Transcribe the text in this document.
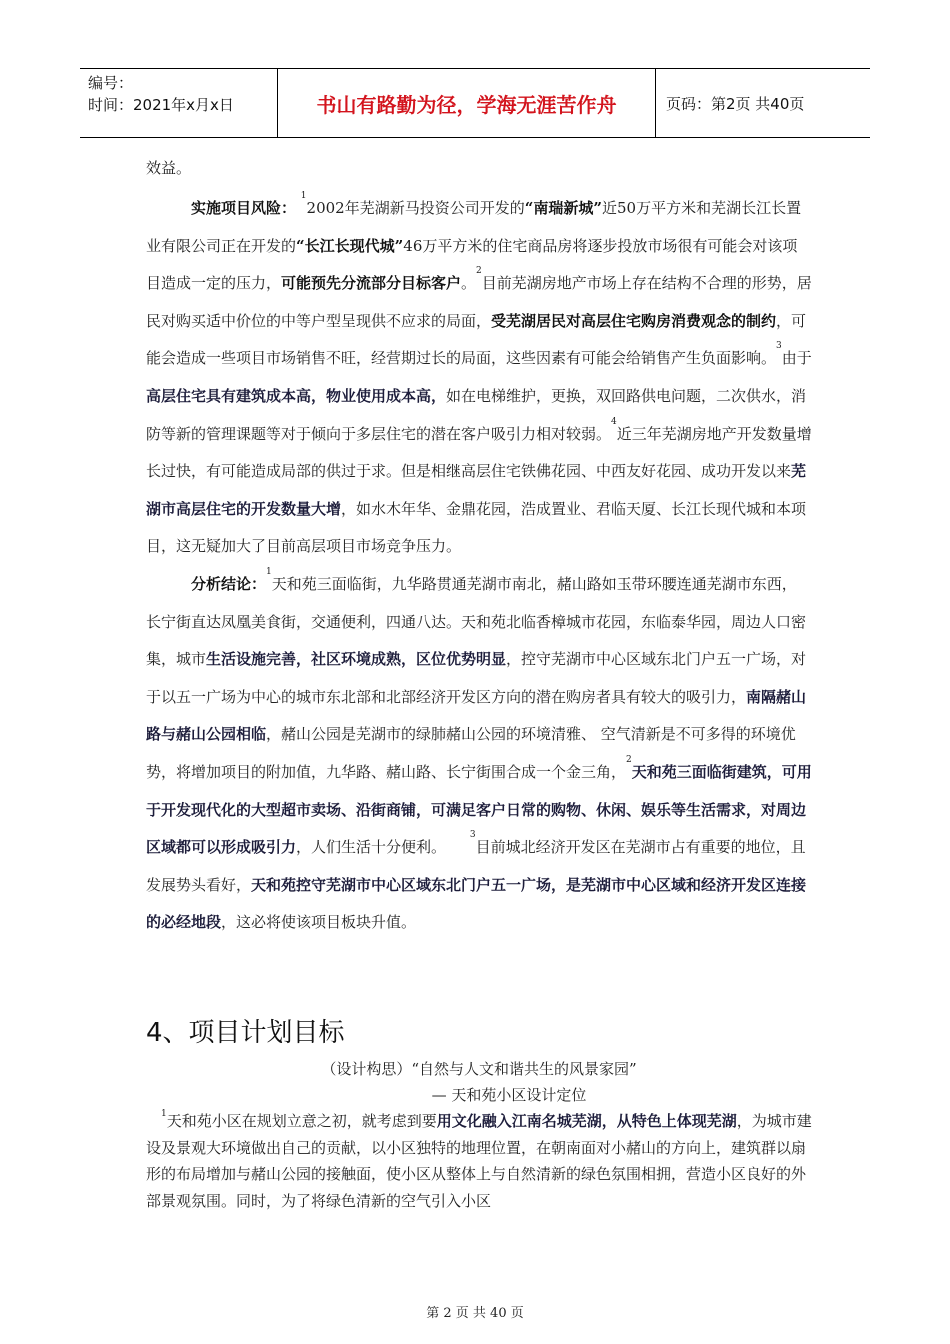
编号：
时间：2021年x月x日	书山有路勤为径，学海无涯苦作舟	页码：第2页 共40页

效益。

实施项目风险： $^1$2002年芜湖新马投资公司开发的“南瑞新城”近50万平方米和芜湖长江长置业有限公司正在开发的“长江长现代城”46万平方米的住宅商品房将逐步投放市场很有可能会对该项目造成一定的压力，可能预先分流部分目标客户。$^2$目前芜湖房地产市场上存在结构不合理的形势，居民对购买适中价位的中等户型呈现供不应求的局面，受芜湖居民对高层住宅购房消费观念的制约，可能会造成一些项目市场销售不旺，经营期过长的局面，这些因素有可能会给销售产生负面影响。$^3$由于高层住宅具有建筑成本高，物业使用成本高，如在电梯维护，更换，双回路供电问题，二次供水，消防等新的管理课题等对于倾向于多层住宅的潜在客户吸引力相对较弱。$^4$近三年芜湖房地产开发数量增长过快，有可能造成局部的供过于求。但是相继高层住宅铁佛花园、中西友好花园、成功开发以来芜湖市高层住宅的开发数量大增，如水木年华、金鼎花园，浩成置业、君临天厦、长江长现代城和本项目，这无疑加大了目前高层项目市场竞争压力。

分析结论：$^1$天和苑三面临街，九华路贯通芜湖市南北，赭山路如玉带环腰连通芜湖市东西， 长宁街直达凤凰美食街，交通便利，四通八达。天和苑北临香樟城市花园，东临泰华园，周边人口密集，城市生活设施完善，社区环境成熟，区位优势明显，控守芜湖市中心区域东北门户五一广场，对于以五一广场为中心的城市东北部和北部经济开发区方向的潜在购房者具有较大的吸引力，南隔赭山路与赭山公园相临，赭山公园是芜湖市的绿肺赭山公园的环境清雅、 空气清新是不可多得的环境优势，将增加项目的附加值，九华路、赭山路、长宁街围合成一个金三角，$^2$天和苑三面临街建筑，可用于开发现代化的大型超市卖场、沿街商铺，可满足客户日常的购物、休闲、娱乐等生活需求，对周边区域都可以形成吸引力，人们生活十分便利。     $^3$目前城北经济开发区在芜湖市占有重要的地位，且发展势头看好，天和苑控守芜湖市中心区域东北门户五一广场，是芜湖市中心区域和经济开发区连接的必经地段，这必将使该项目板块升值。

4、项目计划目标
（设计构思）“自然与人文和谐共生的风景家园”
— 天和苑小区设计定位

$^1$天和苑小区在规划立意之初，就考虑到要用文化融入江南名城芜湖，从特色上体现芜湖，为城市建设及景观大环境做出自己的贡献，以小区独特的地理位置，在朝南面对小赭山的方向上，建筑群以扇形的布局增加与赭山公园的接触面，使小区从整体上与自然清新的绿色氛围相拥，营造小区良好的外部景观氛围。同时，为了将绿色清新的空气引入小区

第 2 页 共 40 页
